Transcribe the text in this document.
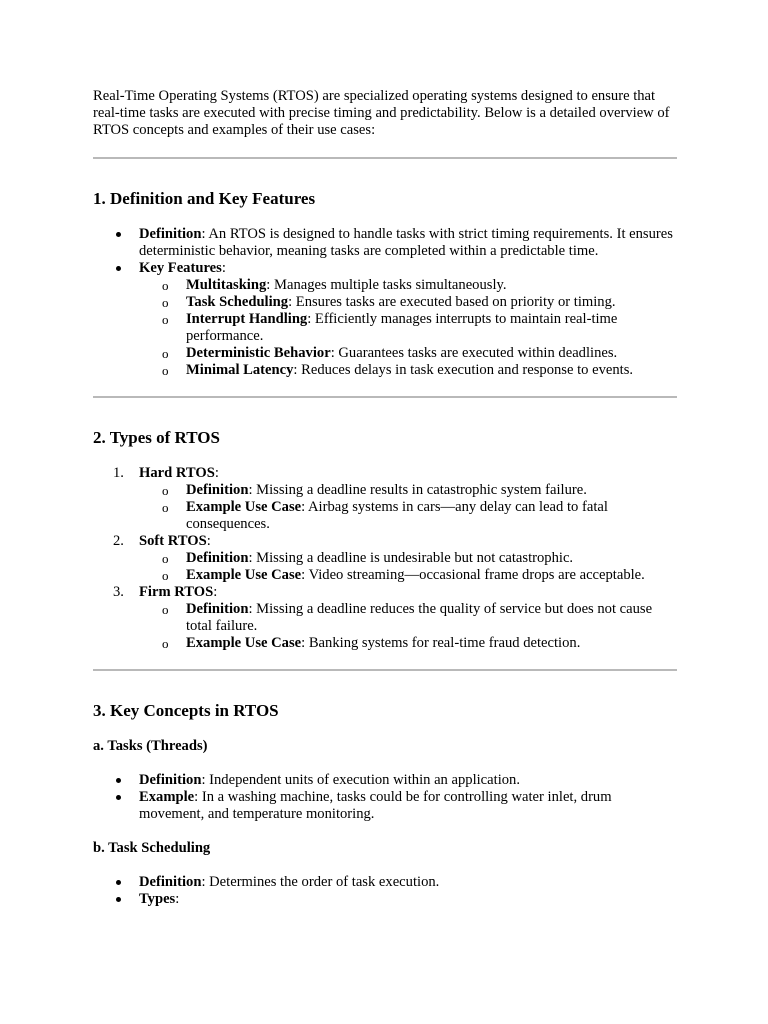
Real-Time Operating Systems (RTOS) are specialized operating systems designed to ensure that real-time tasks are executed with precise timing and predictability. Below is a detailed overview of RTOS concepts and examples of their use cases:

1. Definition and Key Features
Definition: An RTOS is designed to handle tasks with strict timing requirements. It ensures deterministic behavior, meaning tasks are completed within a predictable time.
Key Features:
o Multitasking: Manages multiple tasks simultaneously.
o Task Scheduling: Ensures tasks are executed based on priority or timing.
o Interrupt Handling: Efficiently manages interrupts to maintain real-time performance.
o Deterministic Behavior: Guarantees tasks are executed within deadlines.
o Minimal Latency: Reduces delays in task execution and response to events.
2. Types of RTOS
1.	Hard RTOS:
o Definition: Missing a deadline results in catastrophic system failure.
o Example Use Case: Airbag systems in cars—any delay can lead to fatal consequences.
2.	Soft RTOS:
o Definition: Missing a deadline is undesirable but not catastrophic.
o Example Use Case: Video streaming—occasional frame drops are acceptable.
3.	Firm RTOS:
o Definition: Missing a deadline reduces the quality of service but does not cause total failure.
o Example Use Case: Banking systems for real-time fraud detection.
3. Key Concepts in RTOS
a. Tasks (Threads)
Definition: Independent units of execution within an application.
Example: In a washing machine, tasks could be for controlling water inlet, drum movement, and temperature monitoring.
b. Task Scheduling
Definition: Determines the order of task execution.
Types:
